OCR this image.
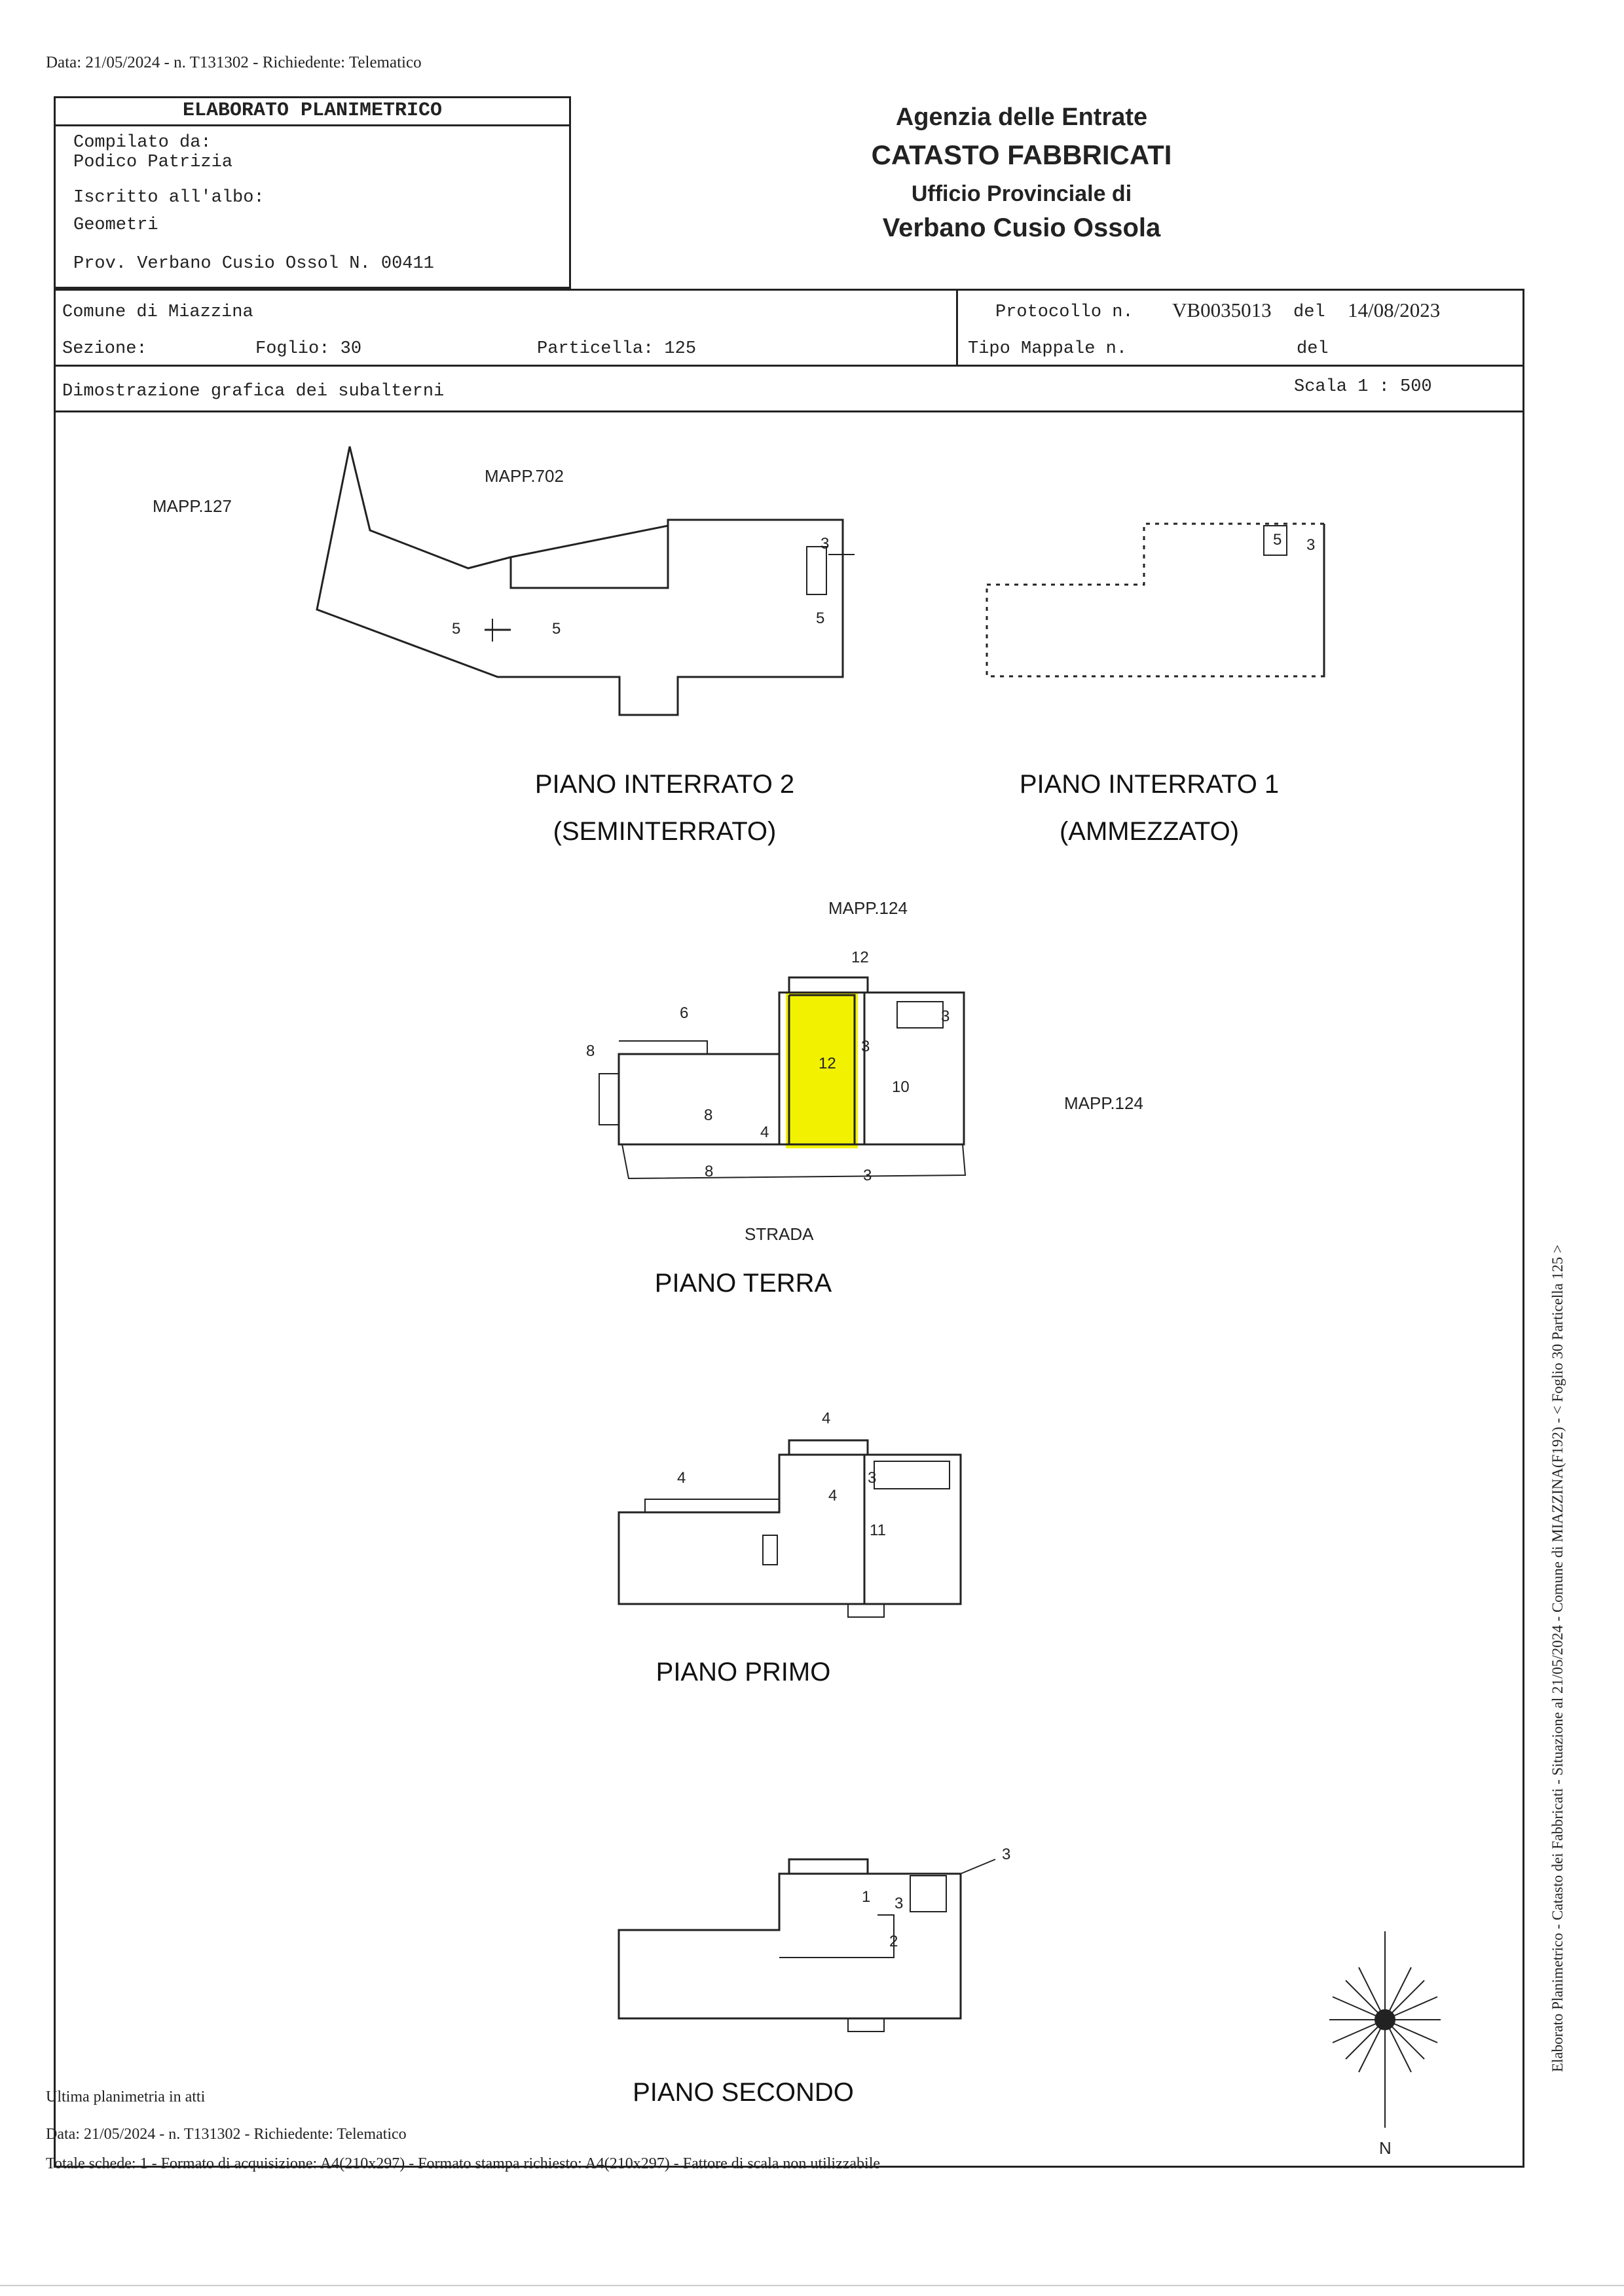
Data: 21/05/2024 - n. T131302 - Richiedente: Telematico
ELABORATO PLANIMETRICO
Compilato da:
Podico Patrizia
Iscritto all'albo:
Geometri
Prov. Verbano Cusio Ossol N. 00411
Agenzia delle Entrate
CATASTO FABBRICATI
Ufficio Provinciale di
Verbano Cusio Ossola
Comune di Miazzina
Sezione:	Foglio: 30	Particella: 125
Protocollo n. VB0035013 del 14/08/2023
Tipo Mappale n.	del
Dimostrazione grafica dei subalterni	Scala 1 : 500
5	5
5
3	5 3
12
12
3
3
10
8
4
8	3
6
8
4
4	3
4
11
3
1 3
2
N
MAPP.127
MAPP.702
MAPP.124
MAPP.124
STRADA
PIANO INTERRATO 2
(SEMINTERRATO)
PIANO INTERRATO 1
(AMMEZZATO)
PIANO TERRA
PIANO PRIMO
PIANO SECONDO
Elaborato Planimetrico - Catasto dei Fabbricati - Situazione al 21/05/2024 - Comune di MIAZZINA(F192) - < Foglio 30 Particella 125 >
Ultima planimetria in atti
Data: 21/05/2024 - n. T131302 - Richiedente: Telematico
Totale schede: 1 - Formato di acquisizione: A4(210x297) - Formato stampa richiesto: A4(210x297) - Fattore di scala non utilizzabile
